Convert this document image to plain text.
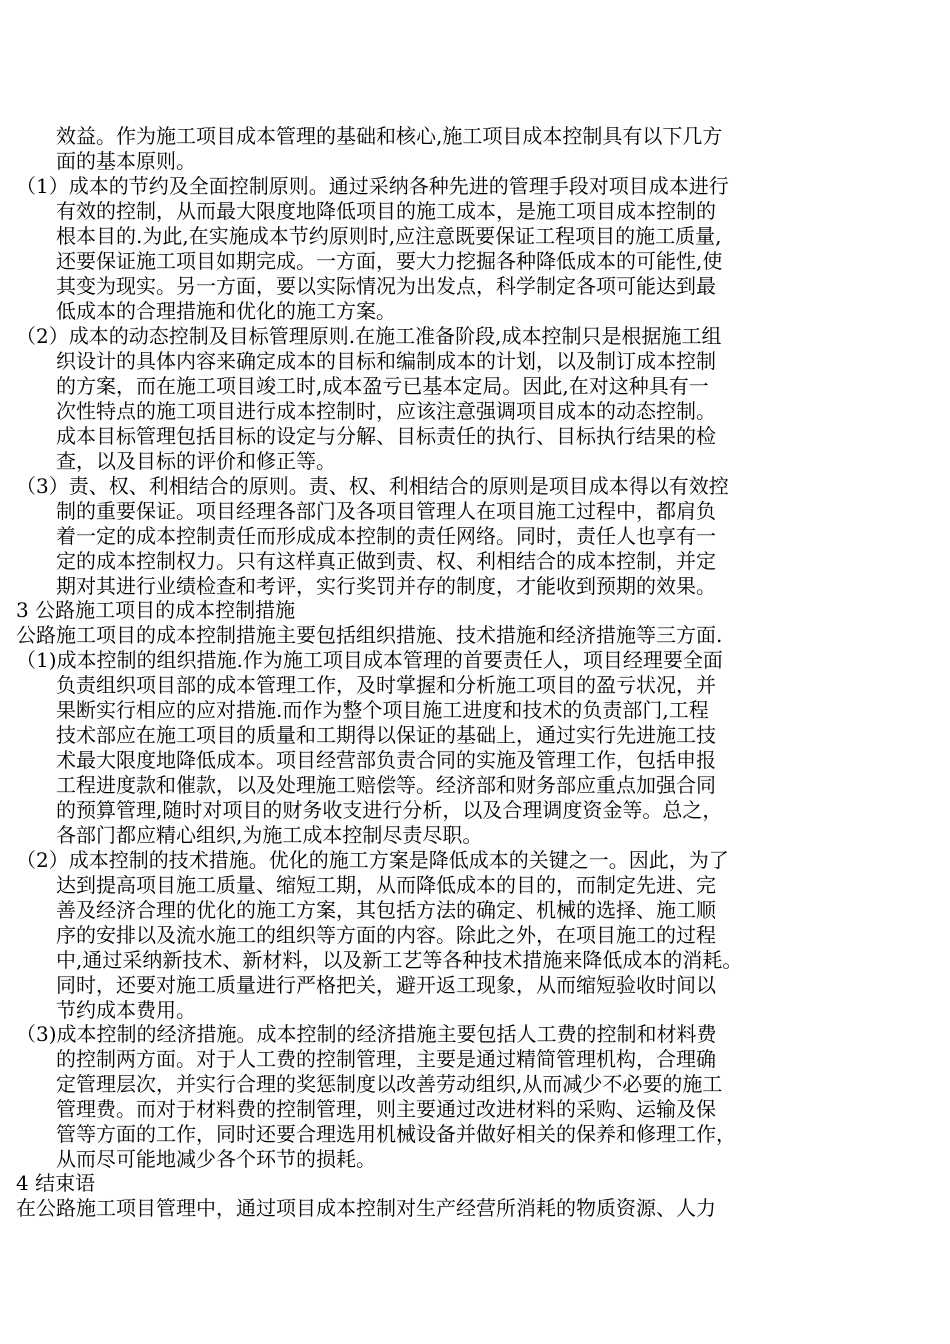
效益。作为施工项目成本管理的基础和核心,施工项目成本控制具有以下几方
面的基本原则。
（1）成本的节约及全面控制原则。通过采纳各种先进的管理手段对项目成本进行
有效的控制，从而最大限度地降低项目的施工成本，是施工项目成本控制的
根本目的.为此,在实施成本节约原则时,应注意既要保证工程项目的施工质量,
还要保证施工项目如期完成。一方面，要大力挖掘各种降低成本的可能性,使
其变为现实。另一方面，要以实际情况为出发点，科学制定各项可能达到最
低成本的合理措施和优化的施工方案。
（2）成本的动态控制及目标管理原则.在施工准备阶段,成本控制只是根据施工组
织设计的具体内容来确定成本的目标和编制成本的计划，以及制订成本控制
的方案，而在施工项目竣工时,成本盈亏已基本定局。因此,在对这种具有一
次性特点的施工项目进行成本控制时，应该注意强调项目成本的动态控制。
成本目标管理包括目标的设定与分解、目标责任的执行、目标执行结果的检
查，以及目标的评价和修正等。
（3）责、权、利相结合的原则。责、权、利相结合的原则是项目成本得以有效控
制的重要保证。项目经理各部门及各项目管理人在项目施工过程中，都肩负
着一定的成本控制责任而形成成本控制的责任网络。同时，责任人也享有一
定的成本控制权力。只有这样真正做到责、权、利相结合的成本控制，并定
期对其进行业绩检查和考评，实行奖罚并存的制度，才能收到预期的效果。
3 公路施工项目的成本控制措施
公路施工项目的成本控制措施主要包括组织措施、技术措施和经济措施等三方面.
（1)成本控制的组织措施.作为施工项目成本管理的首要责任人，项目经理要全面
负责组织项目部的成本管理工作，及时掌握和分析施工项目的盈亏状况，并
果断实行相应的应对措施.而作为整个项目施工进度和技术的负责部门,工程
技术部应在施工项目的质量和工期得以保证的基础上，通过实行先进施工技
术最大限度地降低成本。项目经营部负责合同的实施及管理工作，包括申报
工程进度款和催款，以及处理施工赔偿等。经济部和财务部应重点加强合同
的预算管理,随时对项目的财务收支进行分析，以及合理调度资金等。总之，
各部门都应精心组织,为施工成本控制尽责尽职。
（2）成本控制的技术措施。优化的施工方案是降低成本的关键之一。因此，为了
达到提高项目施工质量、缩短工期，从而降低成本的目的，而制定先进、完
善及经济合理的优化的施工方案，其包括方法的确定、机械的选择、施工顺
序的安排以及流水施工的组织等方面的内容。除此之外，在项目施工的过程
中,通过采纳新技术、新材料，以及新工艺等各种技术措施来降低成本的消耗。
同时，还要对施工质量进行严格把关，避开返工现象，从而缩短验收时间以
节约成本费用。
（3)成本控制的经济措施。成本控制的经济措施主要包括人工费的控制和材料费
的控制两方面。对于人工费的控制管理，主要是通过精简管理机构，合理确
定管理层次，并实行合理的奖惩制度以改善劳动组织,从而减少不必要的施工
管理费。而对于材料费的控制管理，则主要通过改进材料的采购、运输及保
管等方面的工作，同时还要合理选用机械设备并做好相关的保养和修理工作，
从而尽可能地减少各个环节的损耗。
4 结束语
在公路施工项目管理中，通过项目成本控制对生产经营所消耗的物质资源、人力
